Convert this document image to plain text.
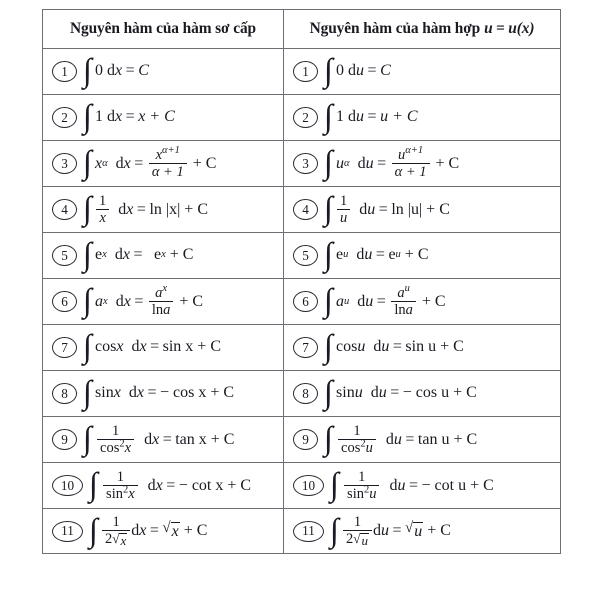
Nguyên hàm của hàm sơ cấp	Nguyên hàm của hàm hợp u = u(x)

1 ∫ 0 dx = C	1 ∫ 0 du = C

2 ∫ 1 dx = x + C	2 ∫ 1 du = u + C

3 ∫ x α dx = $\frac{x^{\alpha+1}}{\alpha + 1} + C$	3 ∫ u α du = $\frac{u^{\alpha+1}}{\alpha + 1} + C$

4 ∫ $\frac{1}{x}$ dx = ln |x| + C	4 ∫ $\frac{1}{u}$ du = ln |u| + C

5 ∫ e x dx = e x + C	5 ∫ e u du = e u + C

6 ∫ a x dx = $\frac{a^x}{\ln a} + C$	6 ∫ a u du = $\frac{a^u}{\ln a} + C$

7 ∫ cos x dx = sin x + C	7 ∫ cos u du = sin u + C

8 ∫ sin x dx = − cos x + C	8 ∫ sin u du = − cos u + C

9 ∫ $\frac{1}{\cos^2x}$ dx = tan x + C	9 ∫ $\frac{1}{\cos^2u}$ du = tan u + C

10 ∫ $\frac{1}{\sin^2x}$ dx = − cot x + C	10 ∫ $\frac{1}{\sin^2u}$ du = − cot u + C

11 ∫ $\frac{1}{2 √ x}$ dx = √ x + C	11 ∫ $\frac{1}{2 √ u}$ du = √ u + C
